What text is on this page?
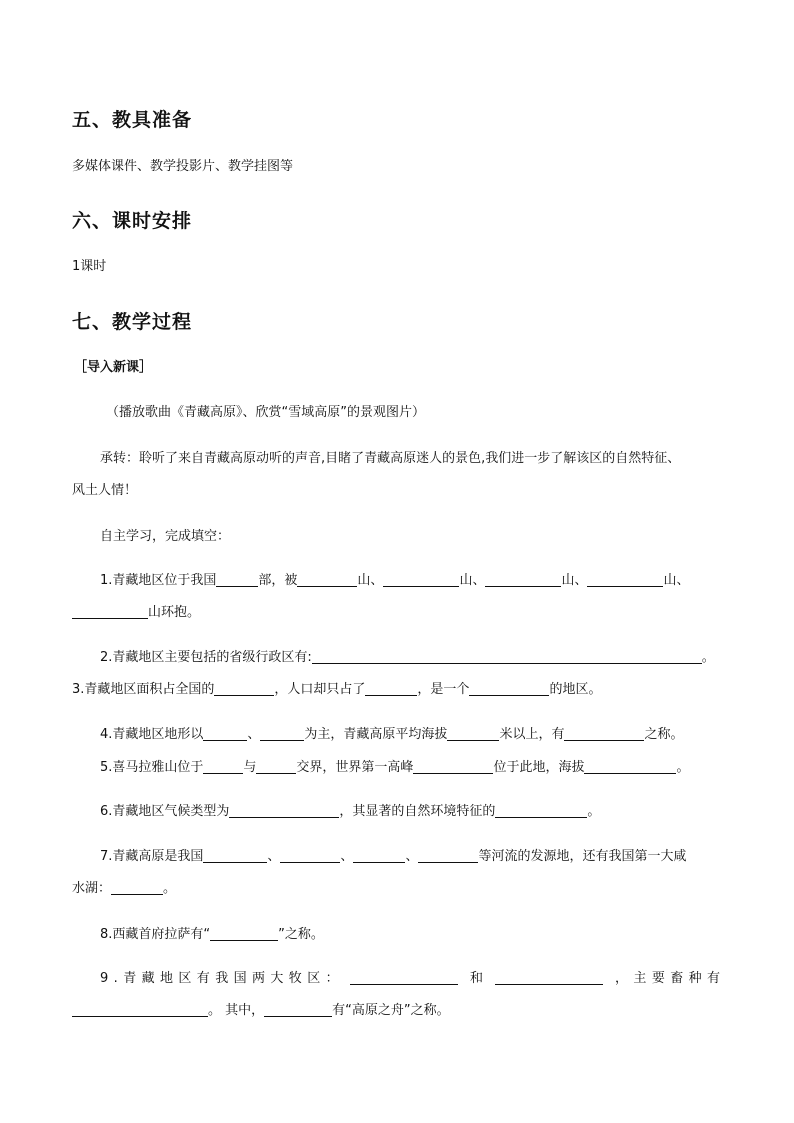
五、教具准备
多媒体课件、教学投影片、教学挂图等
六、课时安排
1课时
七、教学过程
［导入新课］
（播放歌曲《青藏高原》、欣赏“雪域高原”的景观图片）
承转：聆听了来自青藏高原动听的声音,目睹了青藏高原迷人的景色,我们进一步了解该区的自然特征、
风土人情！
自主学习，完成填空：
1.青藏地区位于我国	部，被	山、	山、	山、	山、
山环抱。
2.青藏地区主要包括的省级行政区有:	。
3.青藏地区面积占全国的	，人口却只占了	，是一个	的地区。
4.青藏地区地形以	、	为主，青藏高原平均海拔	米以上，有	之称。
5.喜马拉雅山位于	与	交界，世界第一高峰	位于此地，海拔	。
6.青藏地区气候类型为	，其显著的自然环境特征的	。
7.青藏高原是我国	、	、	、	等河流的发源地，还有我国第一大咸
水湖：	。
8.西藏首府拉萨有“	”之称。
9.青藏地区有我国两大牧区：	和	，主要畜种有
。 其中，	有“高原之舟”之称。
